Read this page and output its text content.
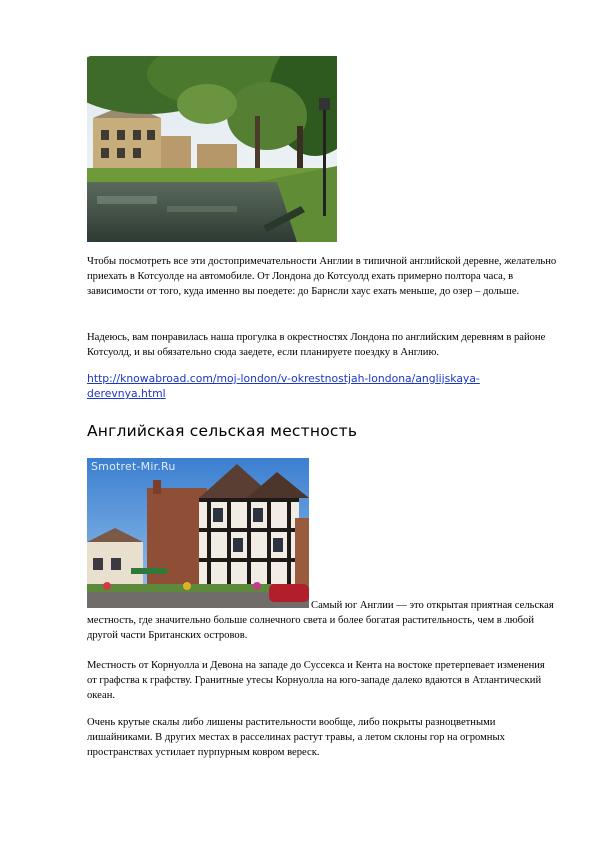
Чтобы посмотреть все эти достопримечательности Англии в типичной английской деревне, желательно приехать в Котсуолде на автомобиле. От Лондона до Котсуолд ехать примерно полтора часа, в зависимости от того, куда именно вы поедете: до Барнсли хаус ехать меньше, до озер – дольше.

Надеюсь, вам понравилась наша прогулка в окрестностях Лондона по английским деревням в районе Котсуолд, и вы обязательно сюда заедете, если планируете поездку в Англию.

http://knowabroad.com/moj-london/v-okrestnostjah-londona/anglijskaya-derevnya.html

Английская сельская местность
Smotret-Mir.Ru

Самый юг Англии — это открытая приятная сельская местность, где значительно больше солнечного света и более богатая растительность, чем в любой другой части Британских островов.

Местность от Корнуолла и Девона на западе до Суссекса и Кента на востоке претерпевает изменения от графства к графству. Гранитные утесы Корнуолла на юго-западе далеко вдаются в Атлантический океан.

Очень крутые скалы либо лишены растительности вообще, либо покрыты разноцветными лишайниками. В других местах в расселинах растут травы, а летом склоны гор на огромных пространствах устилает пурпурным ковром вереск.
